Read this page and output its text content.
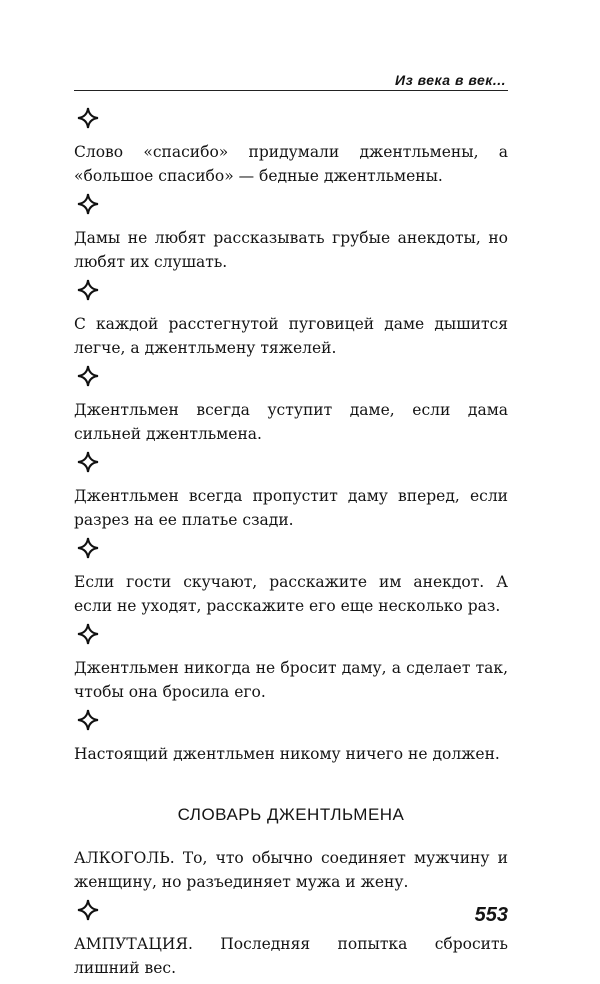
Из века в век...

Слово «спасибо» придумали джентльмены, а «большое спасибо» — бедные джентльмены.

Дамы не любят рассказывать грубые анекдоты, но любят их слушать.

С каждой расстегнутой пуговицей даме дышится легче, а джентльмену тяжелей.

Джентльмен всегда уступит даме, если дама сильней джентльмена.

Джентльмен всегда пропустит даму вперед, если разрез на ее платье сзади.

Если гости скучают, расскажите им анекдот. А если не уходят, расскажите его еще несколько раз.

Джентльмен никогда не бросит даму, а сделает так, чтобы она бросила его.

Настоящий джентльмен никому ничего не должен.

СЛОВАРЬ ДЖЕНТЛЬМЕНА

АЛКОГОЛЬ. То, что обычно соединяет мужчину и женщину, но разъединяет мужа и жену.

АМПУТАЦИЯ. Последняя попытка сбросить лишний вес.

553
